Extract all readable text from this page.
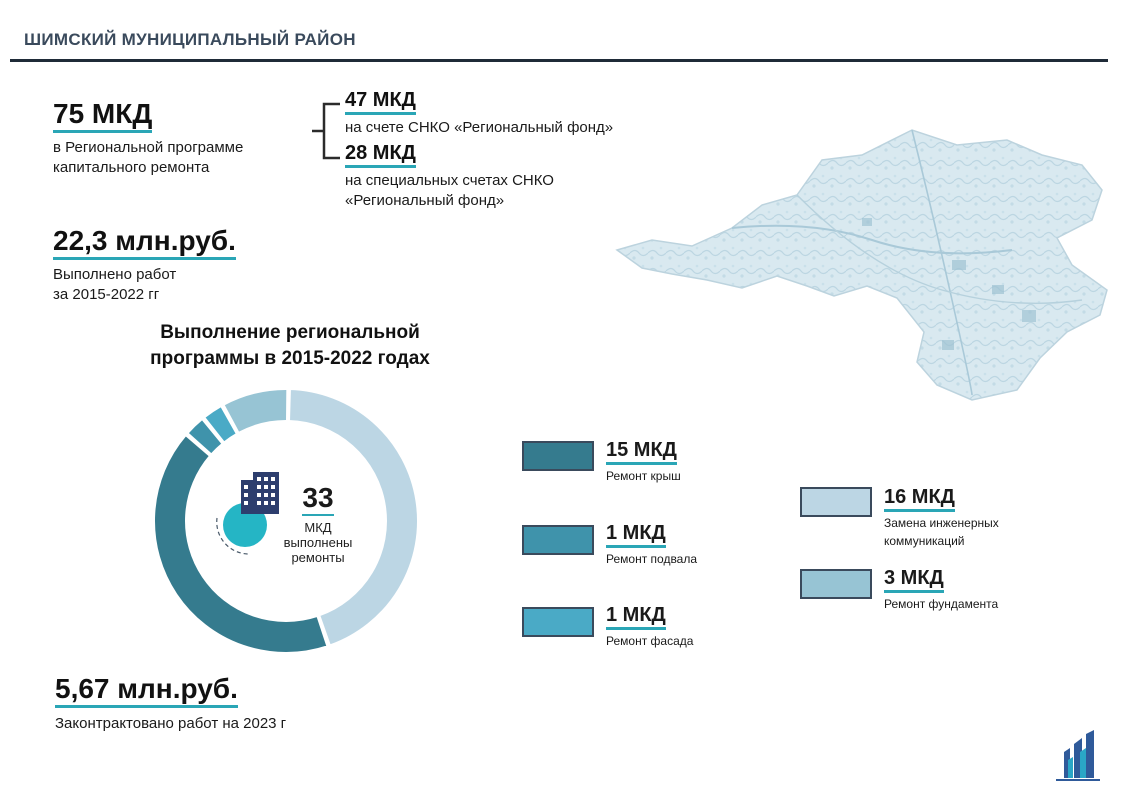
ШИМСКИЙ МУНИЦИПАЛЬНЫЙ РАЙОН
75 МКД
в Региональной программе
капитального ремонта
47 МКД
на счете СНКО «Региональный фонд»
28 МКД
на специальных счетах СНКО
«Региональный фонд»
22,3 млн.руб.
Выполнено работ
за 2015-2022 гг
Выполнение региональной
программы в 2015-2022 годах
33
МКД
выполнены
ремонты
15 МКД
Ремонт крыш
1 МКД
Ремонт подвала
1 МКД
Ремонт фасада
16 МКД
Замена инженерных
коммуникаций
3 МКД
Ремонт фундамента
5,67 млн.руб.
Законтрактовано работ на 2023 г
